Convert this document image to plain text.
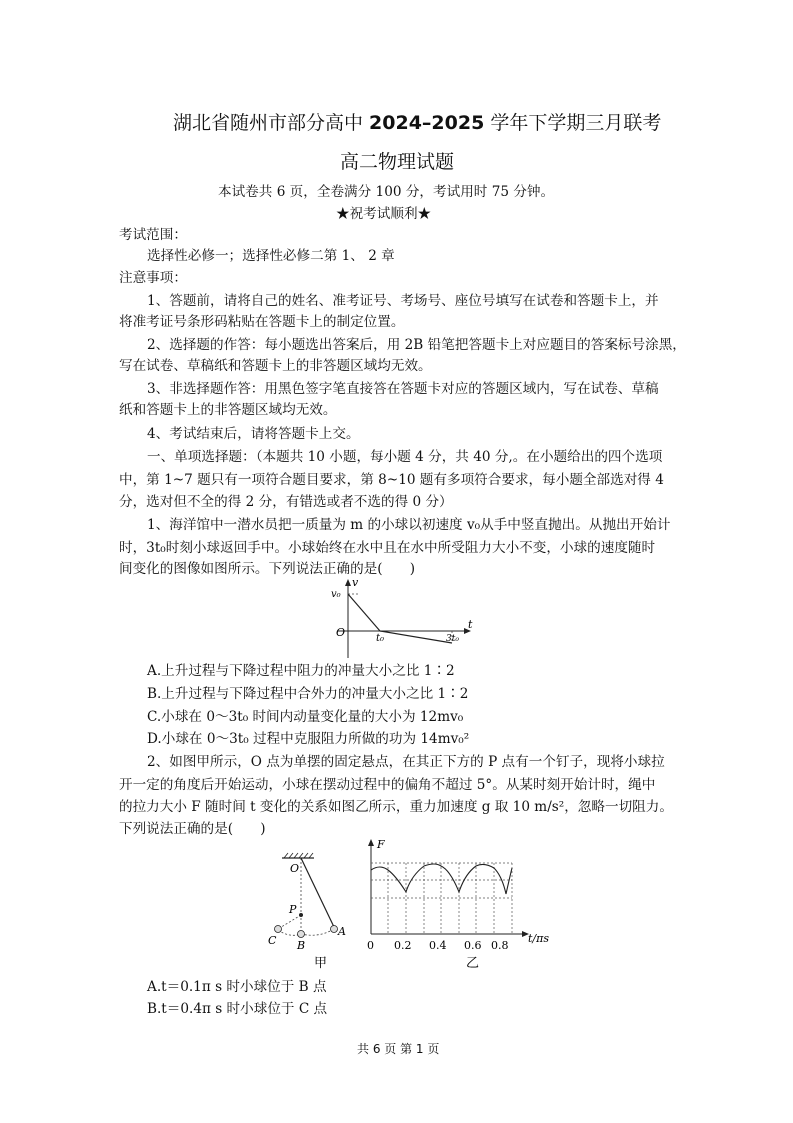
湖北省随州市部分高中 2024–2025 学年下学期三月联考
高二物理试题
本试卷共 6 页，全卷满分 100 分，考试用时 75 分钟。
★祝考试顺利★
考试范围：
选择性必修一；选择性必修二第 1、 2 章
注意事项：
1、答题前，请将自己的姓名、准考证号、考场号、座位号填写在试卷和答题卡上，并
将准考证号条形码粘贴在答题卡上的制定位置。
2、选择题的作答：每小题选出答案后，用 2B 铅笔把答题卡上对应题目的答案标号涂黑，
写在试卷、草稿纸和答题卡上的非答题区域均无效。
3、非选择题作答：用黑色签字笔直接答在答题卡对应的答题区域内，写在试卷、草稿
纸和答题卡上的非答题区域均无效。
4、考试结束后，请将答题卡上交。
一、单项选择题：（本题共 10 小题，每小题 4 分，共 40 分,。在小题给出的四个选项
中，第 1~7 题只有一项符合题目要求，第 8~10 题有多项符合要求，每小题全部选对得 4
分，选对但不全的得 2 分，有错选或者不选的得 0 分）
1、海洋馆中一潜水员把一质量为 m 的小球以初速度 v₀从手中竖直抛出。从抛出开始计
时，3t₀时刻小球返回手中。小球始终在水中且在水中所受阻力大小不变，小球的速度随时
间变化的图像如图所示。下列说法正确的是(　　)
v
v₀
O	t₀	3t₀
t
A.上升过程与下降过程中阻力的冲量大小之比 1∶2
B.上升过程与下降过程中合外力的冲量大小之比 1∶2
C.小球在 0～3t₀ 时间内动量变化量的大小为 12mv₀
D.小球在 0～3t₀ 过程中克服阻力所做的功为 14mv₀²
2、如图甲所示，O 点为单摆的固定悬点，在其正下方的 P 点有一个钉子，现将小球拉
开一定的角度后开始运动，小球在摆动过程中的偏角不超过 5°。从某时刻开始计时，绳中
的拉力大小 F 随时间 t 变化的关系如图乙所示，重力加速度 g 取 10 m/s²，忽略一切阻力。
下列说法正确的是(　　)
O
P
A
B
C
甲
F
0 0.2 0.4 0.6 0.8
t/πs
乙
A.t＝0.1π s 时小球位于 B 点
B.t＝0.4π s 时小球位于 C 点
共 6 页 第 1 页
